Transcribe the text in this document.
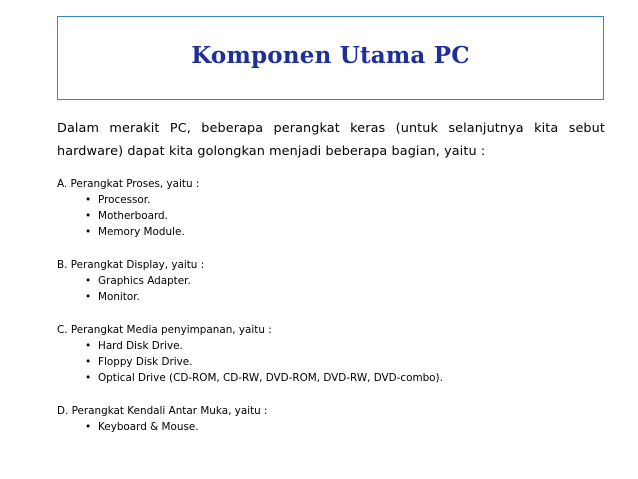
Komponen Utama PC

Dalam merakit PC, beberapa perangkat keras (untuk selanjutnya kita sebut hardware) dapat kita golongkan menjadi beberapa bagian, yaitu :

A. Perangkat Proses, yaitu :
• Processor.
• Motherboard.
• Memory Module.
B. Perangkat Display, yaitu :
• Graphics Adapter.
• Monitor.
C. Perangkat Media penyimpanan, yaitu :
• Hard Disk Drive.
• Floppy Disk Drive.
• Optical Drive (CD-ROM, CD-RW, DVD-ROM, DVD-RW, DVD-combo).
D. Perangkat Kendali Antar Muka, yaitu :
• Keyboard & Mouse.
